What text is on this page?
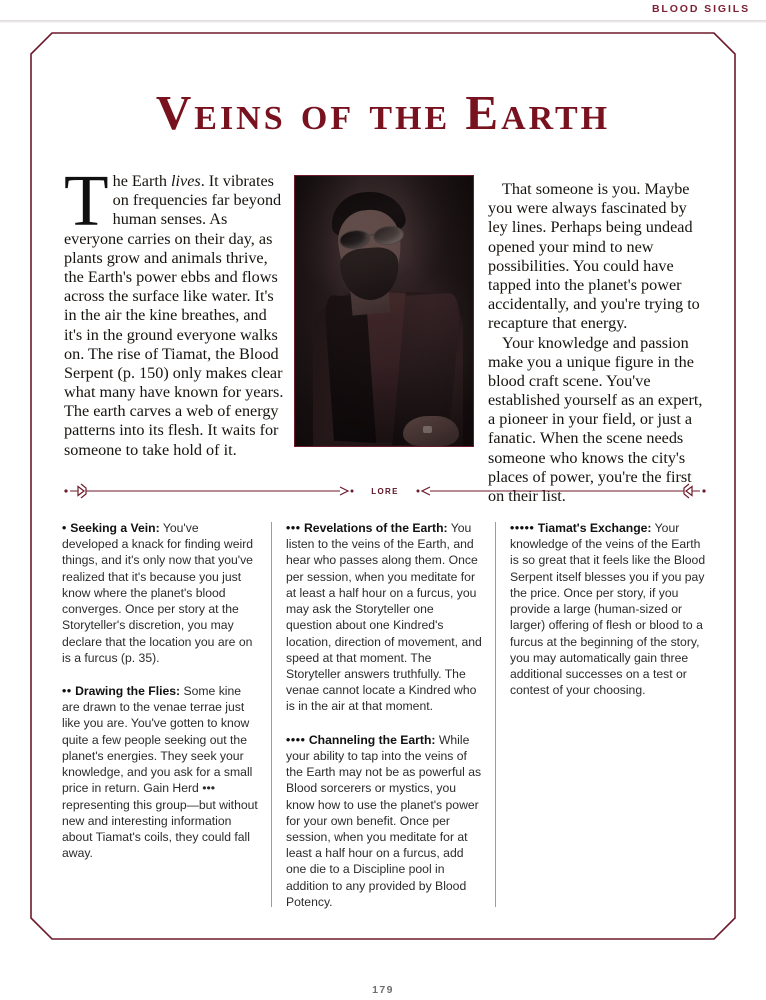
BLOOD SIGILS
Veins of the Earth

The Earth lives. It vibrates on frequencies far beyond human senses. As everyone carries on their day, as plants grow and animals thrive, the Earth's power ebbs and flows across the surface like water. It's in the air the kine breathes, and it's in the ground everyone walks on. The rise of Tiamat, the Blood Serpent (p. 150) only makes clear what many have known for years. The earth carves a web of energy patterns into its flesh. It waits for someone to take hold of it.

That someone is you. Maybe you were always fascinated by ley lines. Perhaps being undead opened your mind to new possibilities. You could have tapped into the planet's power accidentally, and you're trying to recapture that energy.

Your knowledge and passion make you a unique figure in the blood craft scene. You've established yourself as an expert, a pioneer in your field, or just a fanatic. When the scene needs someone who knows the city's places of power, you're the first on their list.

lore

• Seeking a Vein: You've developed a knack for finding weird things, and it's only now that you've realized that it's because you just know where the planet's blood converges. Once per story at the Storyteller's discretion, you may declare that the location you are on is a furcus (p. 35).

•• Drawing the Flies: Some kine are drawn to the venae terrae just like you are. You've gotten to know quite a few people seeking out the planet's energies. They seek your knowledge, and you ask for a small price in return. Gain Herd ••• representing this group—but without new and interesting information about Tiamat's coils, they could fall away.

••• Revelations of the Earth: You listen to the veins of the Earth, and hear who passes along them. Once per session, when you meditate for at least a half hour on a furcus, you may ask the Storyteller one question about one Kindred's location, direction of movement, and speed at that moment. The Storyteller answers truthfully. The venae cannot locate a Kindred who is in the air at that moment.

•••• Channeling the Earth: While your ability to tap into the veins of the Earth may not be as powerful as Blood sorcerers or mystics, you know how to use the planet's power for your own benefit. Once per session, when you meditate for at least a half hour on a furcus, add one die to a Discipline pool in addition to any provided by Blood Potency.

••••• Tiamat's Exchange: Your knowledge of the veins of the Earth is so great that it feels like the Blood Serpent itself blesses you if you pay the price. Once per story, if you provide a large (human-sized or larger) offering of flesh or blood to a furcus at the beginning of the story, you may automatically gain three additional successes on a test or contest of your choosing.

179
